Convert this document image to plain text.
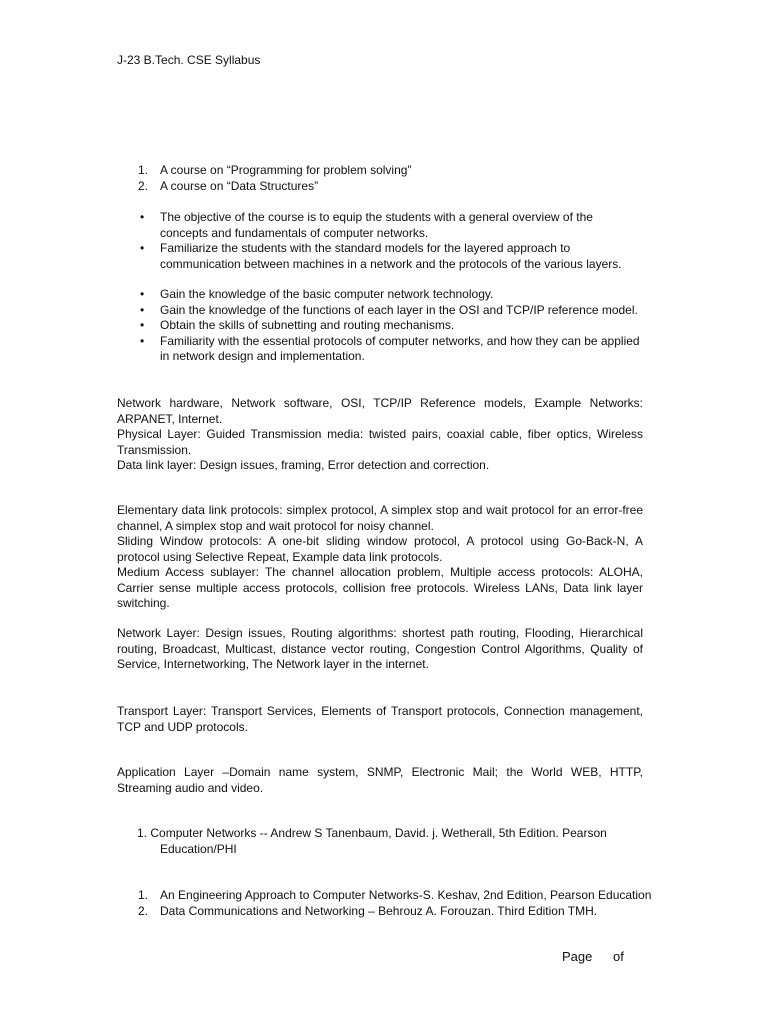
J-23 B.Tech. CSE Syllabus
1. A course on “Programming for problem solving”
2. A course on “Data Structures”
• The objective of the course is to equip the students with a general overview of the concepts and fundamentals of computer networks.
• Familiarize the students with the standard models for the layered approach to communication between machines in a network and the protocols of the various layers.
• Gain the knowledge of the basic computer network technology.
• Gain the knowledge of the functions of each layer in the OSI and TCP/IP reference model.
• Obtain the skills of subnetting and routing mechanisms.
• Familiarity with the essential protocols of computer networks, and how they can be applied in network design and implementation.

Network hardware, Network software, OSI, TCP/IP Reference models, Example Networks: ARPANET, Internet.

Physical Layer: Guided Transmission media: twisted pairs, coaxial cable, fiber optics, Wireless Transmission.

Data link layer: Design issues, framing, Error detection and correction.

Elementary data link protocols: simplex protocol, A simplex stop and wait protocol for an error-free channel, A simplex stop and wait protocol for noisy channel.

Sliding Window protocols: A one-bit sliding window protocol, A protocol using Go-Back-N, A protocol using Selective Repeat, Example data link protocols.

Medium Access sublayer: The channel allocation problem, Multiple access protocols: ALOHA, Carrier sense multiple access protocols, collision free protocols. Wireless LANs, Data link layer switching.

Network Layer: Design issues, Routing algorithms: shortest path routing, Flooding, Hierarchical routing, Broadcast, Multicast, distance vector routing, Congestion Control Algorithms, Quality of Service, Internetworking, The Network layer in the internet.

Transport Layer: Transport Services, Elements of Transport protocols, Connection management, TCP and UDP protocols.

Application Layer –Domain name system, SNMP, Electronic Mail; the World WEB, HTTP, Streaming audio and video.

1. Computer Networks -- Andrew S Tanenbaum, David. j. Wetherall, 5th Edition. Pearson
Education/PHI
1. An Engineering Approach to Computer Networks-S. Keshav, 2nd Edition, Pearson Education
2. Data Communications and Networking – Behrouz A. Forouzan. Third Edition TMH.
Page of
